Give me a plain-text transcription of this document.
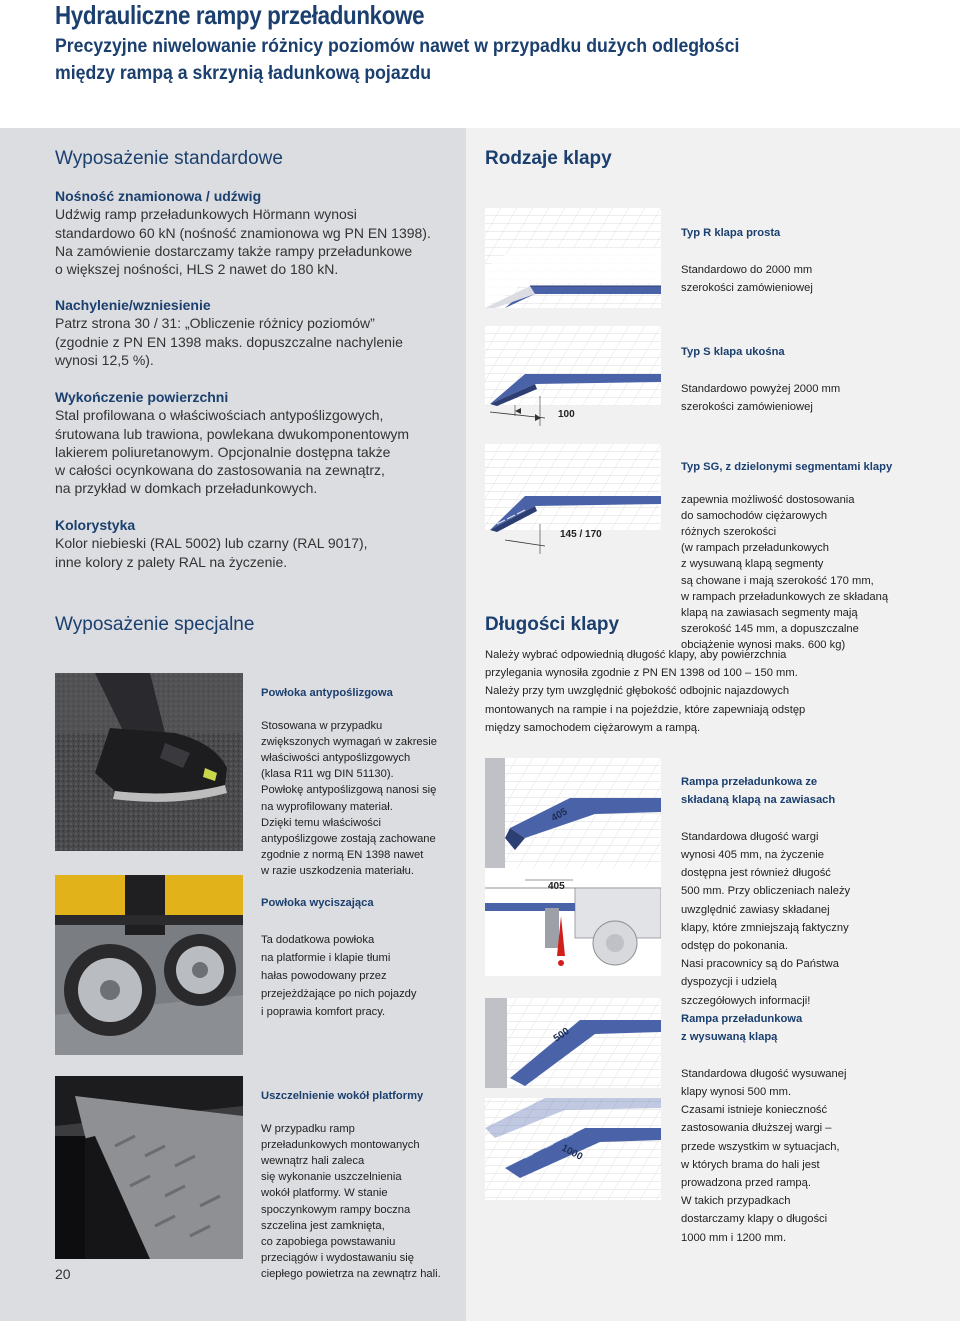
Hydrauliczne rampy przeładunkowe
Precyzyjne niwelowanie różnicy poziomów nawet w przypadku dużych odległości
między rampą a skrzynią ładunkową pojazdu
Wyposażenie standardowe
Nośność znamionowa / udźwig
Udźwig ramp przeładunkowych Hörmann wynosi
standardowo 60 kN (nośność znamionowa wg PN EN 1398).
Na zamówienie dostarczamy także rampy przeładunkowe
o większej nośności, HLS 2 nawet do 180 kN.
Nachylenie/wzniesienie
Patrz strona 30 / 31: „Obliczenie różnicy poziomów”
(zgodnie z PN EN 1398 maks. dopuszczalne nachylenie
wynosi 12,5 %).
Wykończenie powierzchni
Stal profilowana o właściwościach antypoślizgowych,
śrutowana lub trawiona, powlekana dwukomponentowym
lakierem poliuretanowym. Opcjonalnie dostępna także
w całości ocynkowana do zastosowania na zewnątrz,
na przykład w domkach przeładunkowych.
Kolorystyka
Kolor niebieski (RAL 5002) lub czarny (RAL 9017),
inne kolory z palety RAL na życzenie.
Wyposażenie specjalne

Powłoka antypoślizgowa

Stosowana w przypadku
zwiększonych wymagań w zakresie
właściwości antypoślizgowych
(klasa R11 wg DIN 51130).
Powłokę antypoślizgową nanosi się
na wyprofilowany materiał.
Dzięki temu właściwości
antypoślizgowe zostają zachowane
zgodnie z normą EN 1398 nawet
w razie uszkodzenia materiału.

Powłoka wyciszająca

Ta dodatkowa powłoka
na platformie i klapie tłumi
hałas powodowany przez
przejeżdżające po nich pojazdy
i poprawia komfort pracy.

Uszczelnienie wokół platformy

W przypadku ramp
przeładunkowych montowanych
wewnątrz hali zaleca
się wykonanie uszczelnienia
wokół platformy. W stanie
spoczynkowym rampy boczna
szczelina jest zamknięta,
co zapobiega powstawaniu
przeciągów i wydostawaniu się
ciepłego powietrza na zewnątrz hali.

20
Rodzaje klapy

Typ R klapa prosta

Standardowo do 2000 mm
szerokości zamówieniowej

100

Typ S klapa ukośna

Standardowo powyżej 2000 mm
szerokości zamówieniowej

145 / 170

Typ SG, z dzielonymi segmentami klapy

zapewnia możliwość dostosowania
do samochodów ciężarowych
różnych szerokości
(w rampach przeładunkowych
z wysuwaną klapą segmenty
są chowane i mają szerokość 170 mm,
w rampach przeładunkowych ze składaną
klapą na zawiasach segmenty mają
szerokość 145 mm, a dopuszczalne
obciążenie wynosi maks. 600 kg)

Długości klapy
Należy wybrać odpowiednią długość klapy, aby powierzchnia
przylegania wynosiła zgodnie z PN EN 1398 od 100 – 150 mm.
Należy przy tym uwzględnić głębokość odbojnic najazdowych
montowanych na rampie i na pojeździe, które zapewniają odstęp
między samochodem ciężarowym a rampą.
405
405

Rampa przeładunkowa ze
składaną klapą na zawiasach

Standardowa długość wargi
wynosi 405 mm, na życzenie
dostępna jest również długość
500 mm. Przy obliczeniach należy
uwzględnić zawiasy składanej
klapy, które zmniejszają faktyczny
odstęp do pokonania.
Nasi pracownicy są do Państwa
dyspozycji i udzielą
szczegółowych informacji!

500
1000

Rampa przeładunkowa
z wysuwaną klapą

Standardowa długość wysuwanej
klapy wynosi 500 mm.
Czasami istnieje konieczność
zastosowania dłuższej wargi –
przede wszystkim w sytuacjach,
w których brama do hali jest
prowadzona przed rampą.
W takich przypadkach
dostarczamy klapy o długości
1000 mm i 1200 mm.
